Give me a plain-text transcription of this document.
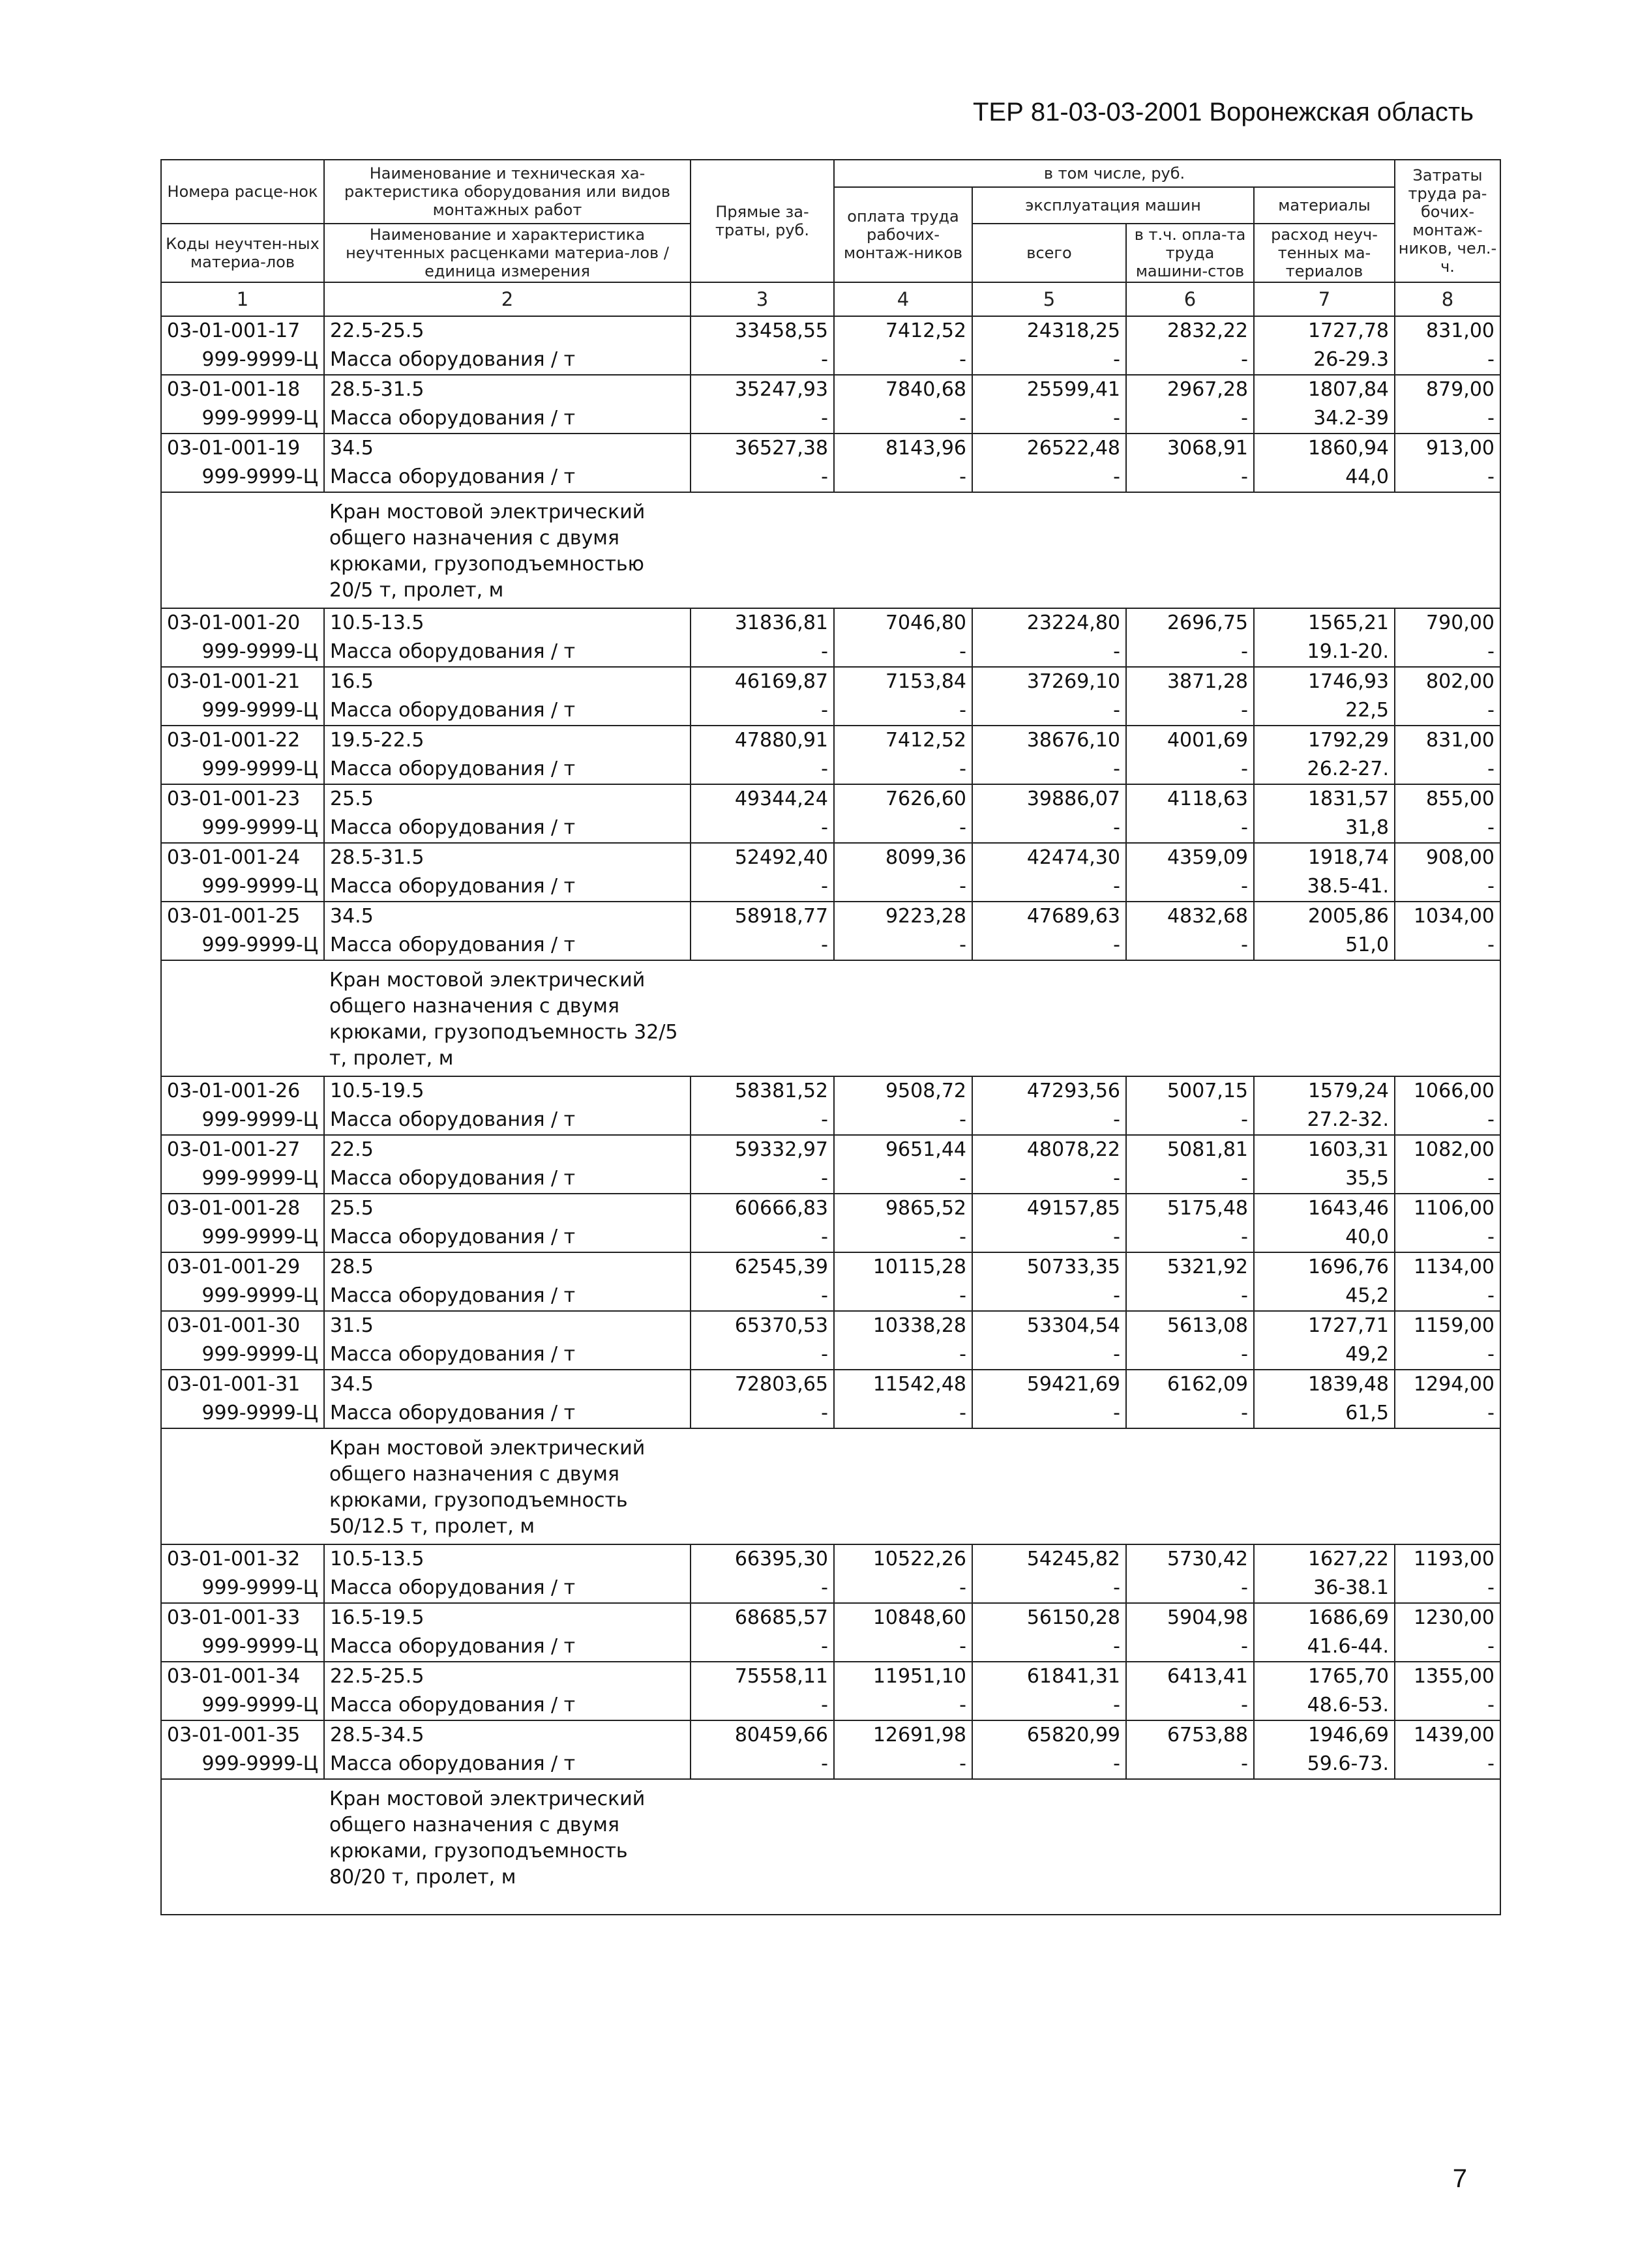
ТЕР 81-03-03-2001 Воронежская область
Номера расце-нок	Наименование и техническая ха-рактеристика оборудования или видов монтажных работ	Прямые за-траты, руб.	в том числе, руб.				Затраты труда ра-бочих-монтаж-ников, чел.-ч.
			оплата труда рабочих-монтаж-ников	эксплуатация машин		материалы	
Коды неучтен-ных материа-лов	Наименование и характеристика неучтенных расценками материа-лов / единица измерения			всего	в т.ч. опла-та труда машини-стов	расход неуч-тенных ма-териалов	

1	2	3	4	5	6	7	8
03-01-001-17	22.5-25.5	33458,55	7412,52	24318,25	2832,22	1727,78	831,00
999-9999-Ц	Масса оборудования / т	-	-	-	-	26-29.3	-
03-01-001-18	28.5-31.5	35247,93	7840,68	25599,41	2967,28	1807,84	879,00
999-9999-Ц	Масса оборудования / т	-	-	-	-	34.2-39	-
03-01-001-19	34.5	36527,38	8143,96	26522,48	3068,91	1860,94	913,00
999-9999-Ц	Масса оборудования / т	-	-	-	-	44,0	-
	Кран мостовой электрический общего назначения с двумя крюками, грузоподъемностью 20/5 т, пролет, м						
03-01-001-20	10.5-13.5	31836,81	7046,80	23224,80	2696,75	1565,21	790,00
999-9999-Ц	Масса оборудования / т	-	-	-	-	19.1-20.	-
03-01-001-21	16.5	46169,87	7153,84	37269,10	3871,28	1746,93	802,00
999-9999-Ц	Масса оборудования / т	-	-	-	-	22,5	-
03-01-001-22	19.5-22.5	47880,91	7412,52	38676,10	4001,69	1792,29	831,00
999-9999-Ц	Масса оборудования / т	-	-	-	-	26.2-27.	-
03-01-001-23	25.5	49344,24	7626,60	39886,07	4118,63	1831,57	855,00
999-9999-Ц	Масса оборудования / т	-	-	-	-	31,8	-
03-01-001-24	28.5-31.5	52492,40	8099,36	42474,30	4359,09	1918,74	908,00
999-9999-Ц	Масса оборудования / т	-	-	-	-	38.5-41.	-
03-01-001-25	34.5	58918,77	9223,28	47689,63	4832,68	2005,86	1034,00
999-9999-Ц	Масса оборудования / т	-	-	-	-	51,0	-
	Кран мостовой электрический общего назначения с двумя крюками, грузоподъемность 32/5 т, пролет, м						
03-01-001-26	10.5-19.5	58381,52	9508,72	47293,56	5007,15	1579,24	1066,00
999-9999-Ц	Масса оборудования / т	-	-	-	-	27.2-32.	-
03-01-001-27	22.5	59332,97	9651,44	48078,22	5081,81	1603,31	1082,00
999-9999-Ц	Масса оборудования / т	-	-	-	-	35,5	-
03-01-001-28	25.5	60666,83	9865,52	49157,85	5175,48	1643,46	1106,00
999-9999-Ц	Масса оборудования / т	-	-	-	-	40,0	-
03-01-001-29	28.5	62545,39	10115,28	50733,35	5321,92	1696,76	1134,00
999-9999-Ц	Масса оборудования / т	-	-	-	-	45,2	-
03-01-001-30	31.5	65370,53	10338,28	53304,54	5613,08	1727,71	1159,00
999-9999-Ц	Масса оборудования / т	-	-	-	-	49,2	-
03-01-001-31	34.5	72803,65	11542,48	59421,69	6162,09	1839,48	1294,00
999-9999-Ц	Масса оборудования / т	-	-	-	-	61,5	-
	Кран мостовой электрический общего назначения с двумя крюками, грузоподъемность 50/12.5 т, пролет, м						
03-01-001-32	10.5-13.5	66395,30	10522,26	54245,82	5730,42	1627,22	1193,00
999-9999-Ц	Масса оборудования / т	-	-	-	-	36-38.1	-
03-01-001-33	16.5-19.5	68685,57	10848,60	56150,28	5904,98	1686,69	1230,00
999-9999-Ц	Масса оборудования / т	-	-	-	-	41.6-44.	-
03-01-001-34	22.5-25.5	75558,11	11951,10	61841,31	6413,41	1765,70	1355,00
999-9999-Ц	Масса оборудования / т	-	-	-	-	48.6-53.	-
03-01-001-35	28.5-34.5	80459,66	12691,98	65820,99	6753,88	1946,69	1439,00
999-9999-Ц	Масса оборудования / т	-	-	-	-	59.6-73.	-
	Кран мостовой электрический общего назначения с двумя крюками, грузоподъемность 80/20 т, пролет, м						
7
